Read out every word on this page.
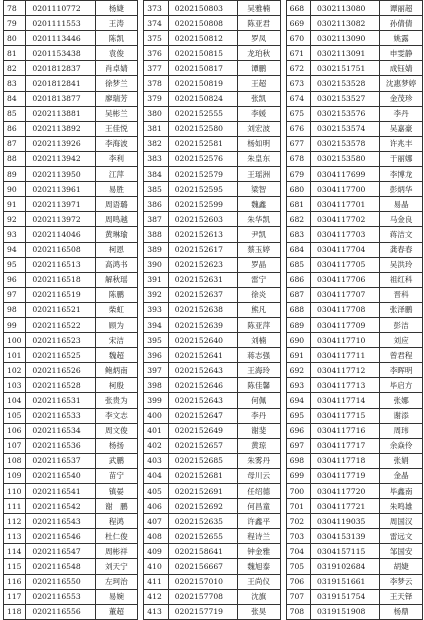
78	0201110772	杨婕		373	0202150803	吴雅楠		668	0302113080	谭丽超
79	0201111553	王涛		374	0202150808	陈亚君		669	0302113082	孙倩倩
80	0201113446	陈凯		375	0202150812	罗凤		670	0302113090	姚露
81	0201153438	袁俊		376	0202150815	龙珀秋		671	0302113091	申雯静
82	0201812837	肖卓婧		377	0202150817	谭鹏		672	0302151751	成钰婧
83	0201812841	徐梦兰		378	0202150819	王超		673	0302153528	沈惠梦婷
84	0201813877	廖瑞芳		379	0202150824	张凯		674	0302153527	金茂珍
85	0202113881	吴彬兰		380	0202152555	李媛		675	0302153576	李丹
86	0202113892	王佳悦		381	0202152580	刘宏波		676	0302153574	吴嘉豪
87	0202113926	李海波		382	0202152581	杨如明		677	0302153578	许兆丰
88	0202113942	李利		383	0202152576	朱皇东		678	0302153580	于丽娜
89	0202113950	江萍		384	0202152579	王瑶洲		679	0304117699	李博龙
90	0202113961	易胜		385	0202152595	梁智		680	0304117700	彭炳华
91	0202113971	周语璐		386	0202152599	魏鑫		681	0304117701	易晶
92	0202113972	周鸣越		387	0202152603	朱华凯		682	0304117702	马金良
93	0202114046	黄琳瑜		388	0202152613	尹凯		683	0304117703	蒋洁文
94	0202116508	柯恩		389	0202152617	蔡玉婷		684	0304117704	龚春春
95	0202116513	高鸿书		390	0202152623	罗晶		685	0304117705	吴洪玲
96	0202116518	解秋瑶		391	0202152631	雷宁		686	0304117706	祖红科
97	0202116519	陈鹏		392	0202152637	徐炎		687	0304117707	晋科
98	0202116521	柴虹		393	0202152638	熊凡		688	0304117708	张泽鹏
99	0202116522	顾为		394	0202152639	陈亚萍		689	0304117709	彭洁
100	0202116523	宋洁		395	0202152640	刘楠		690	0304117710	刘应
101	0202116525	魏超		396	0202152641	蒋志强		691	0304117711	曾君程
102	0202116526	鲍炳南		397	0202152643	王海玲		692	0304117712	李晖明
103	0202116528	柯殷		398	0202152646	陈佳馨		693	0304117713	毕启方
104	0202116531	张贵为		399	0202152643	何佩		694	0304117714	张娜
105	0202116533	李文志		400	0202152647	李丹		695	0304117715	谢添
106	0202116534	周文俊		401	0202152649	谢斐		696	0304117716	周玮
107	0202116536	杨扬		402	0202152657	黄琼		697	0304117717	余焱伶
108	0202116537	武鹏		403	0202152685	朱雾丹		698	0304117718	张娟
109	0202116540	苗宁		404	0202152681	母川云		699	0304117719	金晶
110	0202116541	镇晏		405	0202152691	任绍德		700	0304117720	毕鑫南
111	0202116542	谢　鹏		406	0202152692	何昌童		701	0304117721	朱鸣雄
112	0202116543	程鸿		407	0202152635	许鑫平		702	0304119035	周国汉
113	0202116546	杜仁俊		408	0202152655	程诗兰		703	0304153139	雷远文
114	0202116547	周彬祥		409	0202158641	钟金雅		704	0304157115	邹国安
115	0202116548	刘天宁		410	0202156667	魏旭泰		705	0319102684	胡婕
116	0202116550	左珂治		411	0202157010	王尚仪		706	0319151661	李梦云
117	0202116553	易婉		412	0202157708	沈旗		707	0319151754	王天铎
118	0202116556	董超		413	0202157719	张昊		708	0319151908	杨鼎
